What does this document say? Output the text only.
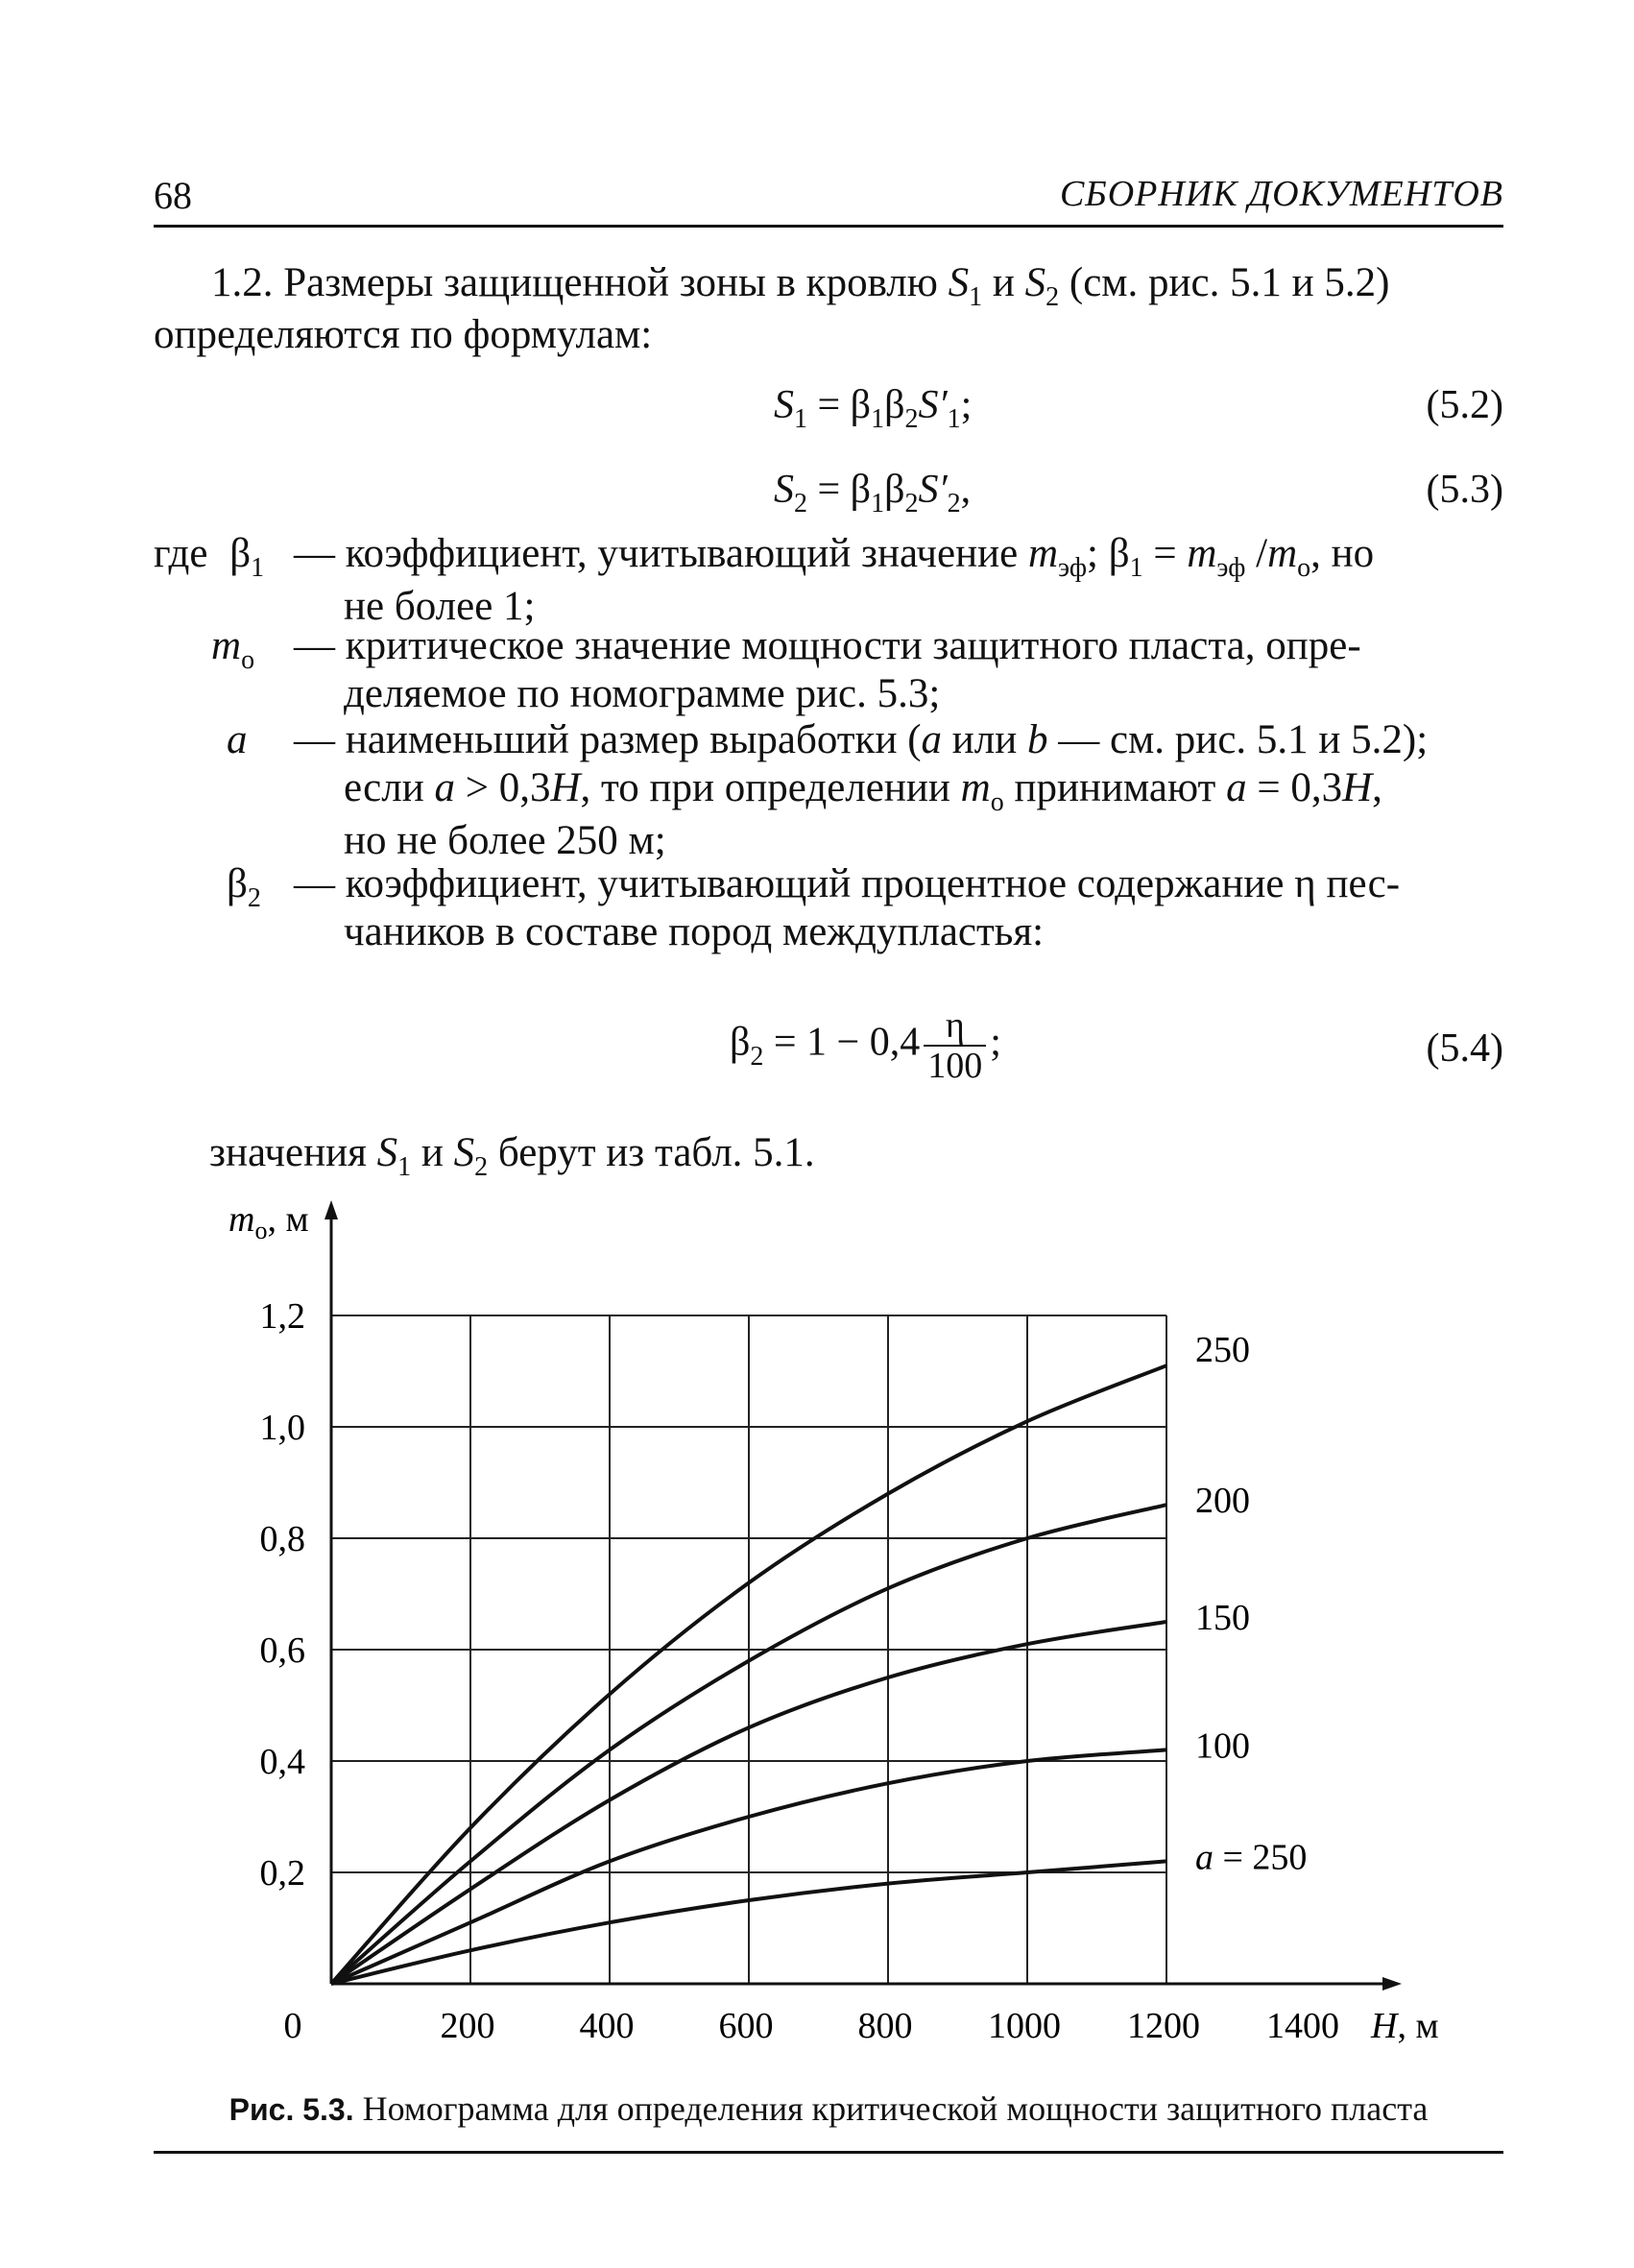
68	СБОРНИК ДОКУМЕНТОВ
1.2. Размеры защищенной зоны в кровлю $S_1$ и $S_2$ (см. рис. 5.1 и 5.2)
определяются по формулам:
$S_1 = \beta_1\beta_2S'_1$;	(5.2)
$S_2 = \beta_1\beta_2S'_2$,	(5.3)
где $\beta_1$ — коэффициент, учитывающий значение $m_{эф}$; $\beta_1 = m_{эф}$ $/m_о$, но
не более 1;
$m_о$ — критическое значение мощности защитного пласта, опре-
деляемое по номограмме рис. 5.3;
a — наименьший размер выработки (a или b — см. рис. 5.1 и 5.2);
если a > 0,3H, то при определении $m_о$ принимают a = 0,3H,
но не более 250 м;
$\beta_2$ — коэффициент, учитывающий процентное содержание η пес-
чаников в составе пород междупластья:
$\beta_2 = 1 - 0,4 \frac{\eta}{100}$ ;	(5.4)
значения $S_1$ и $S_2$ берут из табл. 5.1.
0,2
0,4
0,6
0,8
1,0
1,2
$m_о$, м
0	200 400 600 800 1000 1200 1400 H, м
250
200
150
100
a = 250
Рис. 5.3. Номограмма для определения критической мощности защитного пласта
